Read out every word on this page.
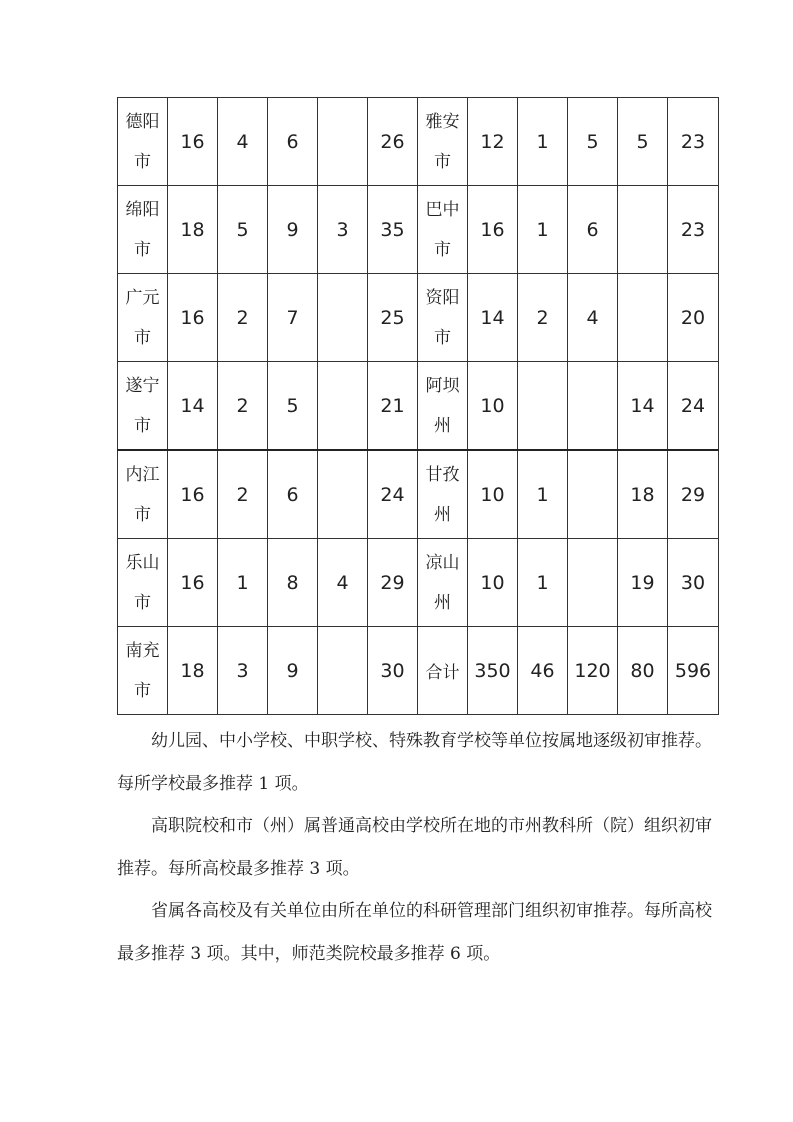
德阳市	16	4	6		26	雅安市	12	1	5	5	23
绵阳市	18	5	9	3	35	巴中市	16	1	6		23
广元市	16	2	7		25	资阳市	14	2	4		20
遂宁市	14	2	5		21	阿坝州	10			14	24
内江市	16	2	6		24	甘孜州	10	1		18	29
乐山市	16	1	8	4	29	凉山州	10	1		19	30
南充市	18	3	9		30	合计	350	46	120	80	596

幼儿园、中小学校、中职学校、特殊教育学校等单位按属地逐级初审推荐。每所学校最多推荐 1 项。

高职院校和市（州）属普通高校由学校所在地的市州教科所（院）组织初审推荐。每所高校最多推荐 3 项。

省属各高校及有关单位由所在单位的科研管理部门组织初审推荐。每所高校最多推荐 3 项。其中，师范类院校最多推荐 6 项。
